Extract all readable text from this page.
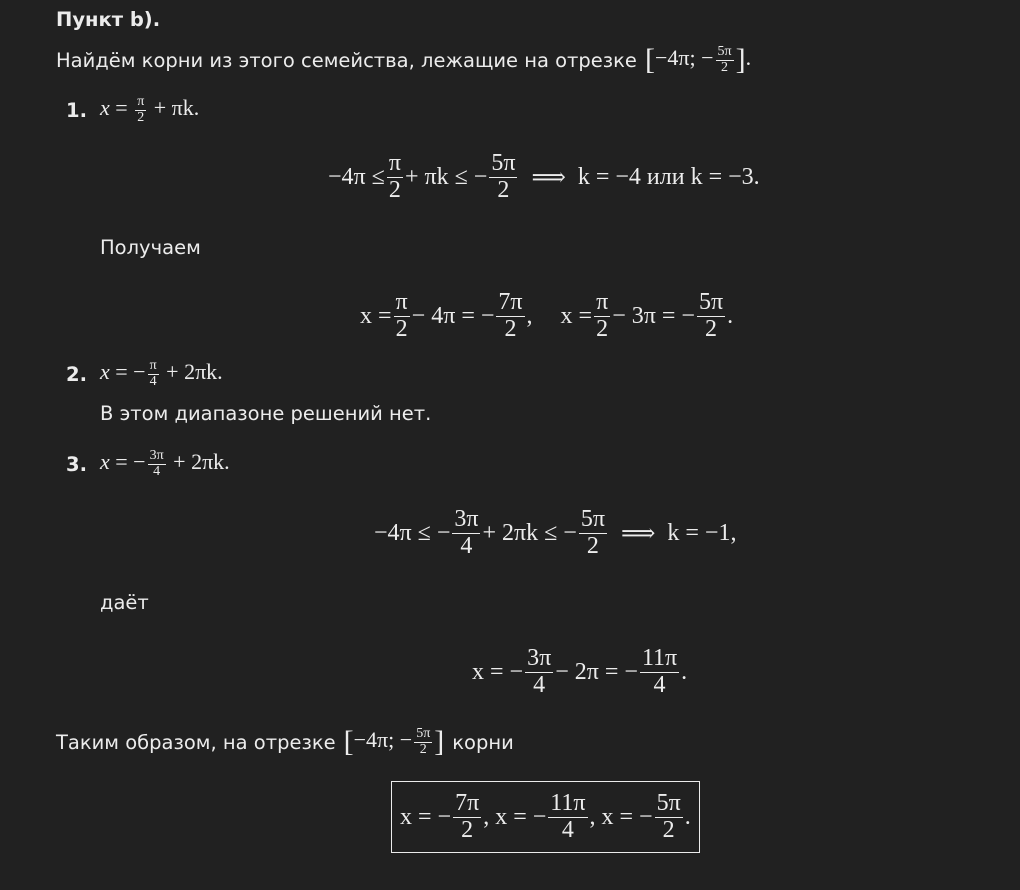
Пункт b).
Найдём корни из этого семейства, лежащие на отрезке [−4π; − $\frac{5\pi}{2}$ ].
1. $x = \frac{\pi}{2} + \pi k$.
$-4\pi \le \frac{\pi}{2} + \pi k$ ≤ − $\frac{5\pi}{2}$ ⟹ k = −4 или k = −3.
Получаем
$x = \frac{\pi}{2} - 4\pi$ = − $\frac{7\pi}{2}$ , $x = \frac{\pi}{2} - 3\pi$ = − $\frac{5\pi}{2}$ .
2. x = − $\frac{\pi}{4} + 2\pi k$.
В этом диапазоне решений нет.
3. x = − $\frac{3\pi}{4} + 2\pi k$.
−4π ≤ − $\frac{3\pi}{4} + 2\pi k$ ≤ − $\frac{5\pi}{2}$ ⟹ k = −1,
даёт
x = − $\frac{3\pi}{4} - 2\pi$ = − $\frac{11\pi}{4}$ .
Таким образом, на отрезке [−4π; − $\frac{5\pi}{2}$ ] корни
x = − $\frac{7\pi}{2}$ ,
x = − $\frac{11\pi}{4}$ ,
x = − $\frac{5\pi}{2}$ .
